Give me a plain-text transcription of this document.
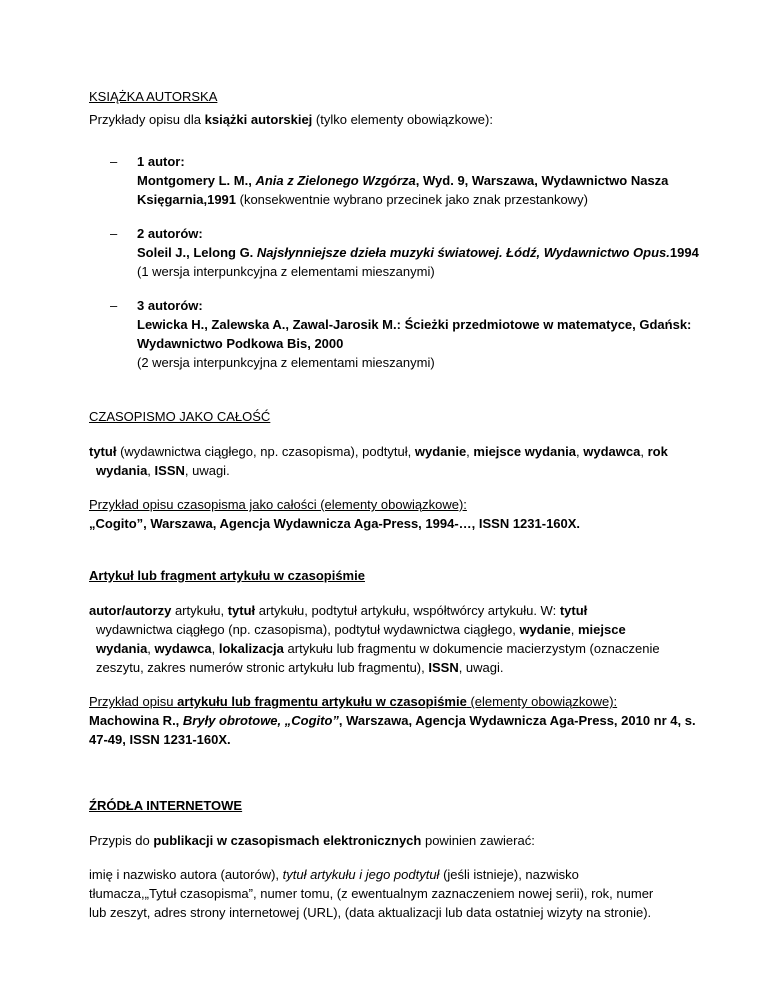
KSIĄŻKA AUTORSKA
Przykłady opisu dla książki autorskiej (tylko elementy obowiązkowe):
– 1 autor:
Montgomery L. M., Ania z Zielonego Wzgórza, Wyd. 9, Warszawa, Wydawnictwo Nasza
Księgarnia,1991 (konsekwentnie wybrano przecinek jako znak przestankowy)
– 2 autorów:
Soleil J., Lelong G. Najsłynniejsze dzieła muzyki światowej. Łódź, Wydawnictwo Opus.1994
(1 wersja interpunkcyjna z elementami mieszanymi)
– 3 autorów:
Lewicka H., Zalewska A., Zawal-Jarosik M.: Ścieżki przedmiotowe w matematyce, Gdańsk:
Wydawnictwo Podkowa Bis, 2000
(2 wersja interpunkcyjna z elementami mieszanymi)
CZASOPISMO JAKO CAŁOŚĆ
tytuł (wydawnictwa ciągłego, np. czasopisma), podtytuł, wydanie, miejsce wydania, wydawca, rok
wydania, ISSN, uwagi.
Przykład opisu czasopisma jako całości (elementy obowiązkowe):
„Cogito”, Warszawa, Agencja Wydawnicza Aga-Press, 1994-…, ISSN 1231-160X.
Artykuł lub fragment artykułu w czasopiśmie
autor/autorzy artykułu, tytuł artykułu, podtytuł artykułu, współtwórcy artykułu. W: tytuł
wydawnictwa ciągłego (np. czasopisma), podtytuł wydawnictwa ciągłego, wydanie, miejsce
wydania, wydawca, lokalizacja artykułu lub fragmentu w dokumencie macierzystym (oznaczenie
zeszytu, zakres numerów stronic artykułu lub fragmentu), ISSN, uwagi.
Przykład opisu artykułu lub fragmentu artykułu w czasopiśmie (elementy obowiązkowe):
Machowina R., Bryły obrotowe, „Cogito”, Warszawa, Agencja Wydawnicza Aga-Press, 2010 nr 4, s.
47-49, ISSN 1231-160X.
ŹRÓDŁA INTERNETOWE
Przypis do publikacji w czasopismach elektronicznych powinien zawierać:
imię i nazwisko autora (autorów), tytuł artykułu i jego podtytuł (jeśli istnieje), nazwisko
tłumacza,„Tytuł czasopisma”, numer tomu, (z ewentualnym zaznaczeniem nowej serii), rok, numer
lub zeszyt, adres strony internetowej (URL), (data aktualizacji lub data ostatniej wizyty na stronie).
